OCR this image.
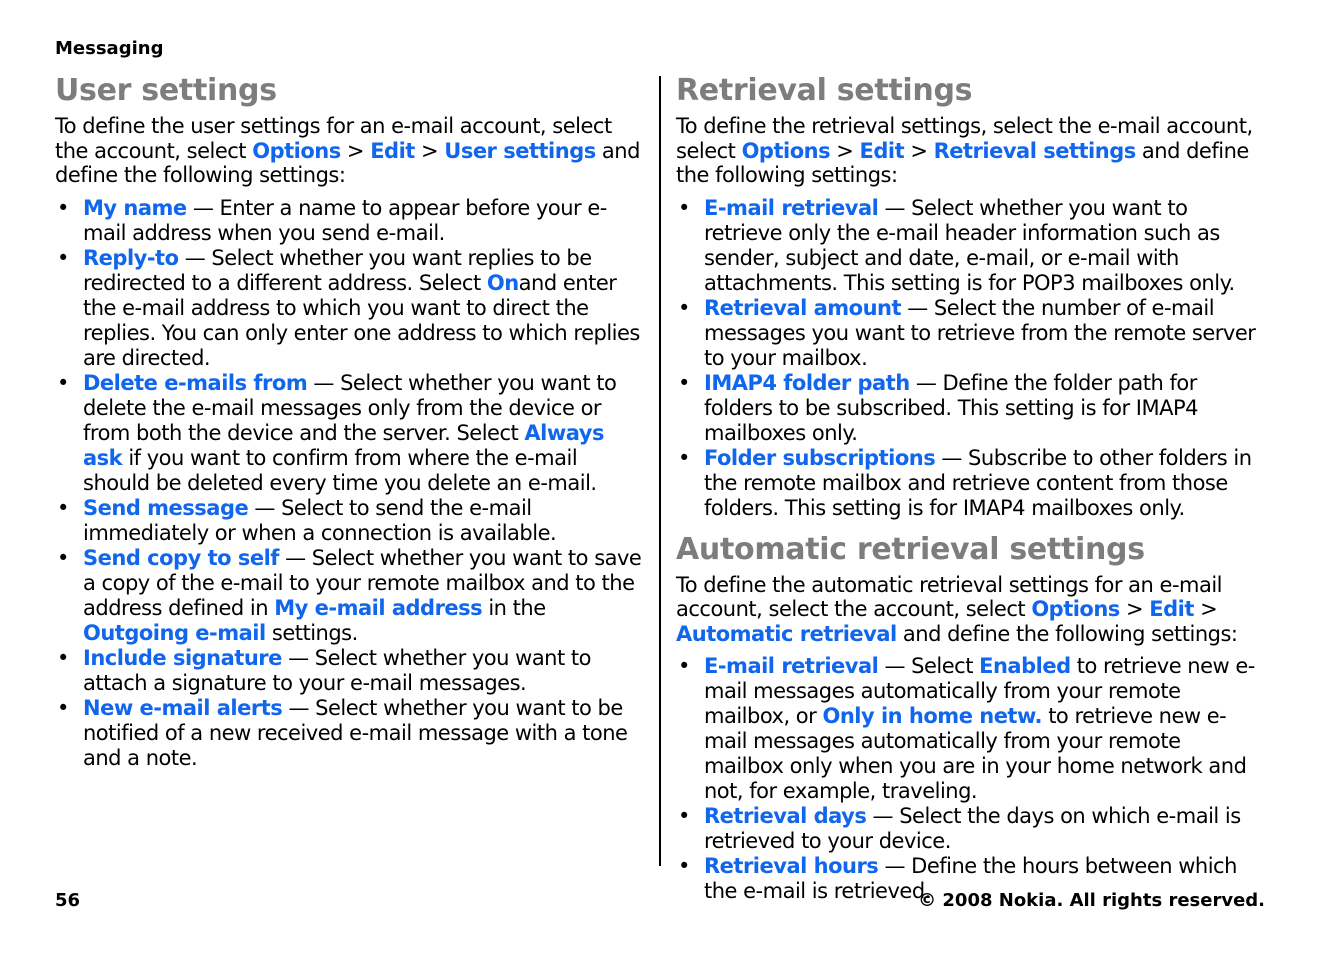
Messaging
User settings

To define the user settings for an e-mail account, select the account, select Options > Edit > User settings and define the following settings:

• My name — Enter a name to appear before your e-mail address when you send e-mail.
• Reply-to — Select whether you want replies to be redirected to a different address. Select Onand enter the e-mail address to which you want to direct the replies. You can only enter one address to which replies are directed.
• Delete e-mails from — Select whether you want to delete the e-mail messages only from the device or from both the device and the server. Select Always ask if you want to confirm from where the e-mail should be deleted every time you delete an e-mail.
• Send message — Select to send the e-mail immediately or when a connection is available.
• Send copy to self — Select whether you want to save a copy of the e-mail to your remote mailbox and to the address defined in My e-mail address in the Outgoing e-mail settings.
• Include signature — Select whether you want to attach a signature to your e-mail messages.
• New e-mail alerts — Select whether you want to be notified of a new received e-mail message with a tone and a note.
Retrieval settings

To define the retrieval settings, select the e-mail account, select Options > Edit > Retrieval settings and define the following settings:

• E-mail retrieval — Select whether you want to retrieve only the e-mail header information such as sender, subject and date, e-mail, or e-mail with attachments. This setting is for POP3 mailboxes only.
• Retrieval amount — Select the number of e-mail messages you want to retrieve from the remote server to your mailbox.
• IMAP4 folder path — Define the folder path for folders to be subscribed. This setting is for IMAP4 mailboxes only.
• Folder subscriptions — Subscribe to other folders in the remote mailbox and retrieve content from those folders. This setting is for IMAP4 mailboxes only.
Automatic retrieval settings

To define the automatic retrieval settings for an e-mail account, select the account, select Options > Edit > Automatic retrieval and define the following settings:

• E-mail retrieval — Select Enabled to retrieve new e-mail messages automatically from your remote mailbox, or Only in home netw. to retrieve new e-mail messages automatically from your remote mailbox only when you are in your home network and not, for example, traveling.
• Retrieval days — Select the days on which e-mail is retrieved to your device.
• Retrieval hours — Define the hours between which the e-mail is retrieved.
56	© 2008 Nokia. All rights reserved.
